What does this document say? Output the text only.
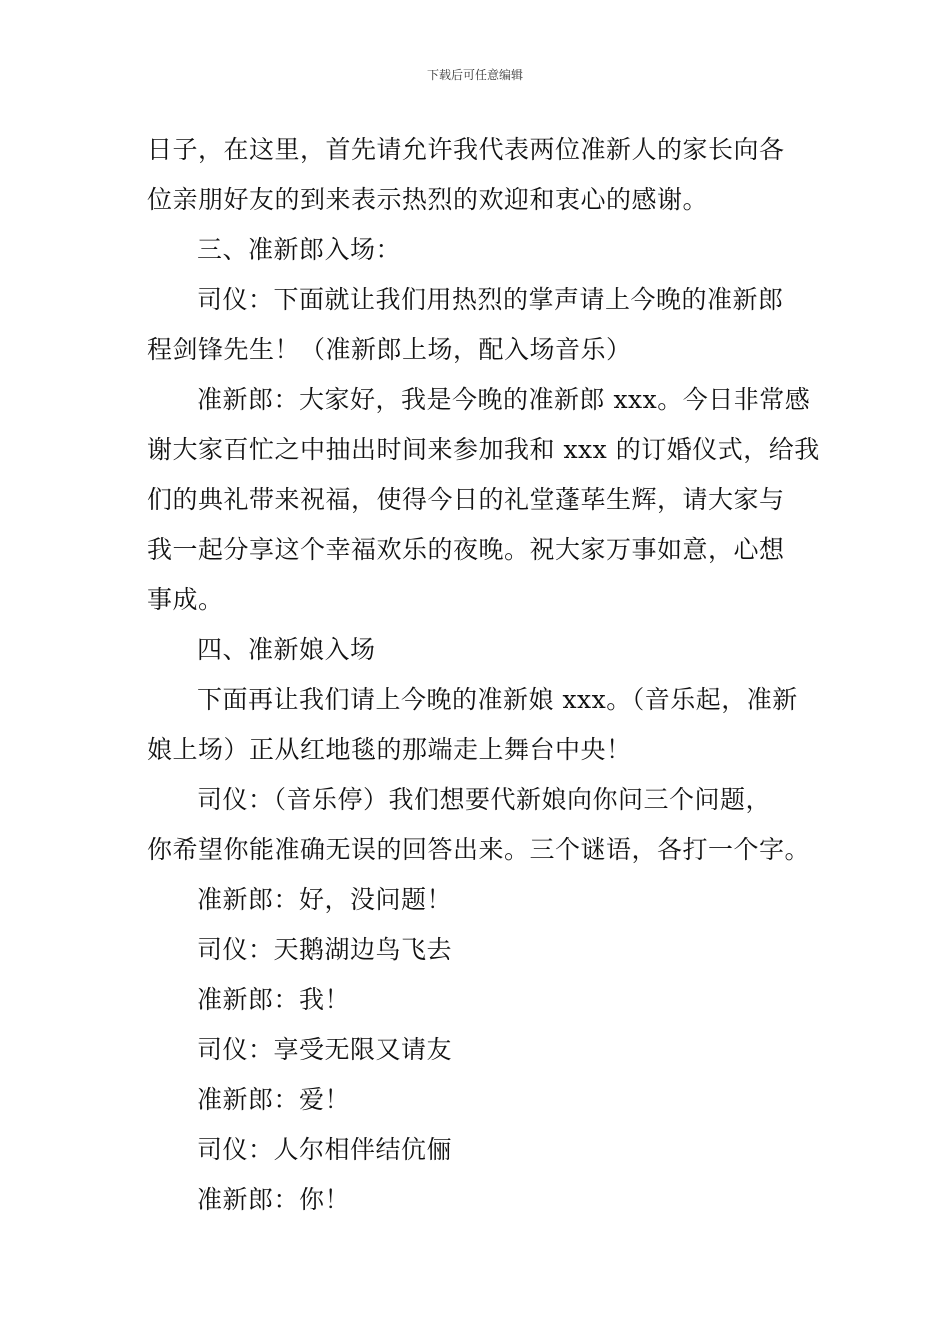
下载后可任意编辑
日子，在这里，首先请允许我代表两位准新人的家长向各
位亲朋好友的到来表示热烈的欢迎和衷心的感谢。
三、准新郎入场：
司仪：下面就让我们用热烈的掌声请上今晚的准新郎
程剑锋先生！（准新郎上场，配入场音乐）
准新郎：大家好，我是今晚的准新郎 xxx。今日非常感
谢大家百忙之中抽出时间来参加我和 xxx 的订婚仪式，给我
们的典礼带来祝福，使得今日的礼堂蓬荜生辉，请大家与
我一起分享这个幸福欢乐的夜晚。祝大家万事如意，心想
事成。
四、准新娘入场
下面再让我们请上今晚的准新娘 xxx。（音乐起，准新
娘上场）正从红地毯的那端走上舞台中央！
司仪：（音乐停）我们想要代新娘向你问三个问题，
你希望你能准确无误的回答出来。三个谜语，各打一个字。
准新郎：好，没问题！
司仪：天鹅湖边鸟飞去
准新郎：我！
司仪：享受无限又请友
准新郎：爱！
司仪：人尔相伴结伉俪
准新郎：你！
